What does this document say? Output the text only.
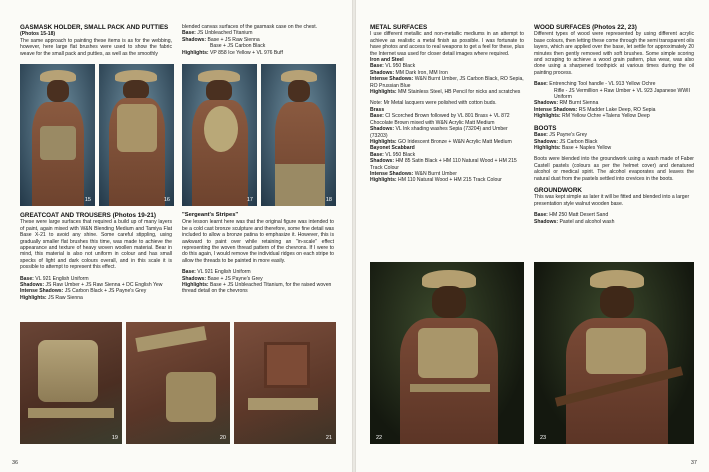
GASMASK HOLDER, SMALL PACK AND PUTTIES

(Photos 15-18)

The same approach to painting these items is as for the webbing, however, here large flat brushes were used to show the fabric weave for the small pack and putties, as well as the smoothly

blended canvas surfaces of the gasmask case on the chest.

Base: JS Unbleached Titanium

Shadows: Base + JS Raw Sienna

Base + JS Carbon Black

Highlights: VP 858 Ice Yellow + VL 976 Buff

15	16	17	18

GREATCOAT AND TROUSERS (Photos 19-21)

These were large surfaces that required a build up of many layers of paint, again mixed with W&N Blending Medium and Tamiya Flat Base X-21 to avoid any shine. Some careful stippling, using gradually smaller flat brushes this time, was made to achieve the appearance and texture of heavy woven woollen material. Bear in mind, this material is also not uniform in colour and has small specks of light and dark colours overall, and in this scale it is possible to attempt to represent this effect.

Base: VL 921 English Uniform

Shadows: JS Raw Umber + JS Raw Sienna + DC English Yew

Intense Shadows: JS Carbon Black + JS Payne's Grey

Highlights: JS Raw Sienna

"Sergeant's Stripes"

One lesson learnt here was that the original figure was intended to be a cold cast bronze sculpture and therefore, some fine detail was included to allow a bronze patina to emphasize it. However, this is awkward to paint over while retaining an "in-scale" effect representing the woven thread pattern of the chevrons. If I were to do this again, I would remove the individual ridges on each stripe to allow the threads to be painted in more easily.

Base: VL 921 English Uniform

Shadows: Base + JS Payne's Grey

Highlights: Base + JS Unbleached Titanium, for the raised woven thread detail on the chevrons

19	20	21
36

METAL SURFACES

I use different metallic and non-metallic mediums in an attempt to achieve as realistic a metal finish as possible. I was fortunate to have photos and access to real weapons to get a feel for these, plus the Internet was used for closer detail images where required.

Iron and Steel

Base: VL 950 Black

Shadows: MM Dark Iron, MM Iron

Intense Shadows: W&N Burnt Umber, JS Carbon Black, RO Sepia, RO Prussian Blue

Highlights: MM Stainless Steel, HB Pencil for nicks and scratches

Note: Mr Metal lacquers were polished with cotton buds.

Brass

Base: CI Scorched Brown followed by VL 801 Brass + VL 872 Chocolate Brown mixed with W&N Acrylic Matt Medium

Shadows: VL Ink shading washes Sepia (73204) and Umber (73203)

Highlights: GO Iridescent Bronze + W&N Acrylic Matt Medium

Bayonet Scabbard

Base: VL 950 Black

Shadows: HM 85 Satin Black + HM 110 Natural Wood + HM 215 Track Colour

Intense Shadows: W&N Burnt Umber

Highlights: HM 110 Natural Wood + HM 215 Track Colour

WOOD SURFACES (Photos 22, 23)

Different types of wood were represented by using different acrylic base colours, then letting these come through the semi transparent oils layers, which are applied over the base, let settle for approximately 20 minutes then gently removed with soft brushes. Some simple scoring and scraping to achieve a wood grain pattern, plus wear, was also done using a sharpened toothpick at various times during the oil painting process.

Base: Entrenching Tool handle - VL 913 Yellow Ochre

Rifle - JS Vermillion + Raw Umber + VL 923 Japanese WWII Uniform

Shadows: RM Burnt Sienna

Intense Shadows: RS Madder Lake Deep, RO Sepia

Highlights: RM Yellow Ochre +Talens Yellow Deep

BOOTS

Base: JS Payne's Grey

Shadows: JS Carbon Black

Highlights: Base + Naples Yellow

Boots were blended into the groundwork using a wash made of Faber Castell pastels (colours as per the helmet cover) and denatured alcohol or medical spirit. The alcohol evaporates and leaves the natural dust from the pastels settled into crevices in the boots.

GROUNDWORK

This was kept simple as later it will be fitted and blended into a larger presentation style walnut wooden base.

Base: HM 250 Matt Desert Sand

Shadows: Pastel and alcohol wash

22	23
37
